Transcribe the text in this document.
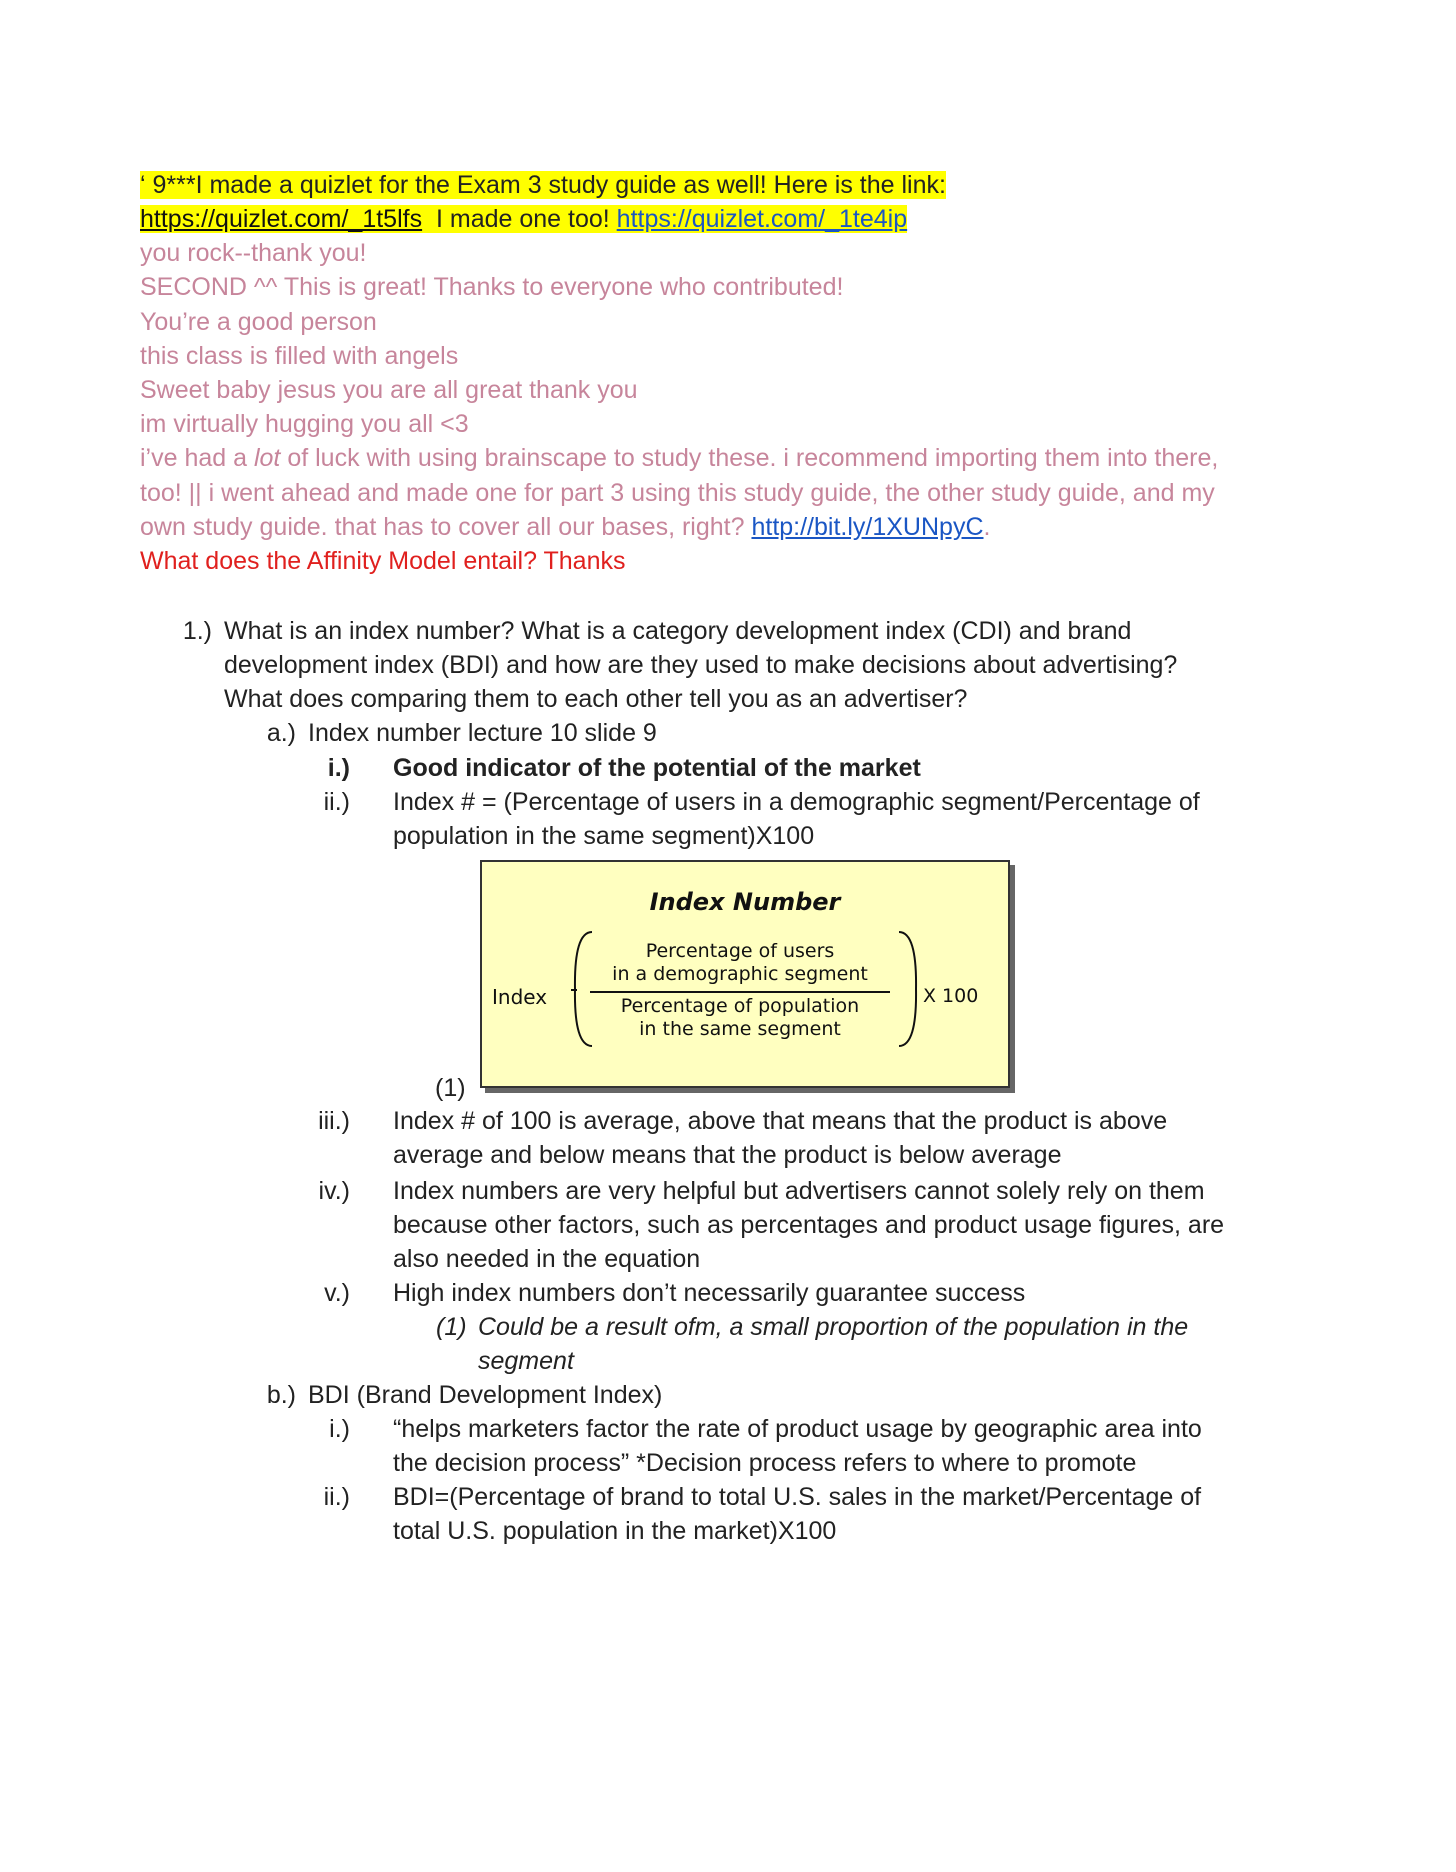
‘ 9***I made a quizlet for the Exam 3 study guide as well! Here is the link:
https://quizlet.com/_1t5lfs  I made one too! https://quizlet.com/_1te4ip
you rock--thank you!
SECOND ^^ This is great! Thanks to everyone who contributed!
You’re a good person
this class is filled with angels
Sweet baby jesus you are all great thank you
im virtually hugging you all <3
i’ve had a lot of luck with using brainscape to study these. i recommend importing them into there,
too! || i went ahead and made one for part 3 using this study guide, the other study guide, and my
own study guide. that has to cover all our bases, right? http://bit.ly/1XUNpyC.
What does the Affinity Model entail? Thanks
1.) What is an index number? What is a category development index (CDI) and brand
development index (BDI) and how are they used to make decisions about advertising?
What does comparing them to each other tell you as an advertiser?
a.) Index number lecture 10 slide 9
i.) Good indicator of the potential of the market
ii.) Index # = (Percentage of users in a demographic segment/Percentage of
population in the same segment)X100
Index Number
Index
Percentage of users
in a demographic segment
Percentage of population
in the same segment
X 100
(1)
iii.) Index # of 100 is average, above that means that the product is above
average and below means that the product is below average
iv.) Index numbers are very helpful but advertisers cannot solely rely on them
because other factors, such as percentages and product usage figures, are
also needed in the equation
v.) High index numbers don’t necessarily guarantee success
(1) Could be a result ofm, a small proportion of the population in the
segment
b.) BDI (Brand Development Index)
i.) “helps marketers factor the rate of product usage by geographic area into
the decision process” *Decision process refers to where to promote
ii.) BDI=(Percentage of brand to total U.S. sales in the market/Percentage of
total U.S. population in the market)X100
